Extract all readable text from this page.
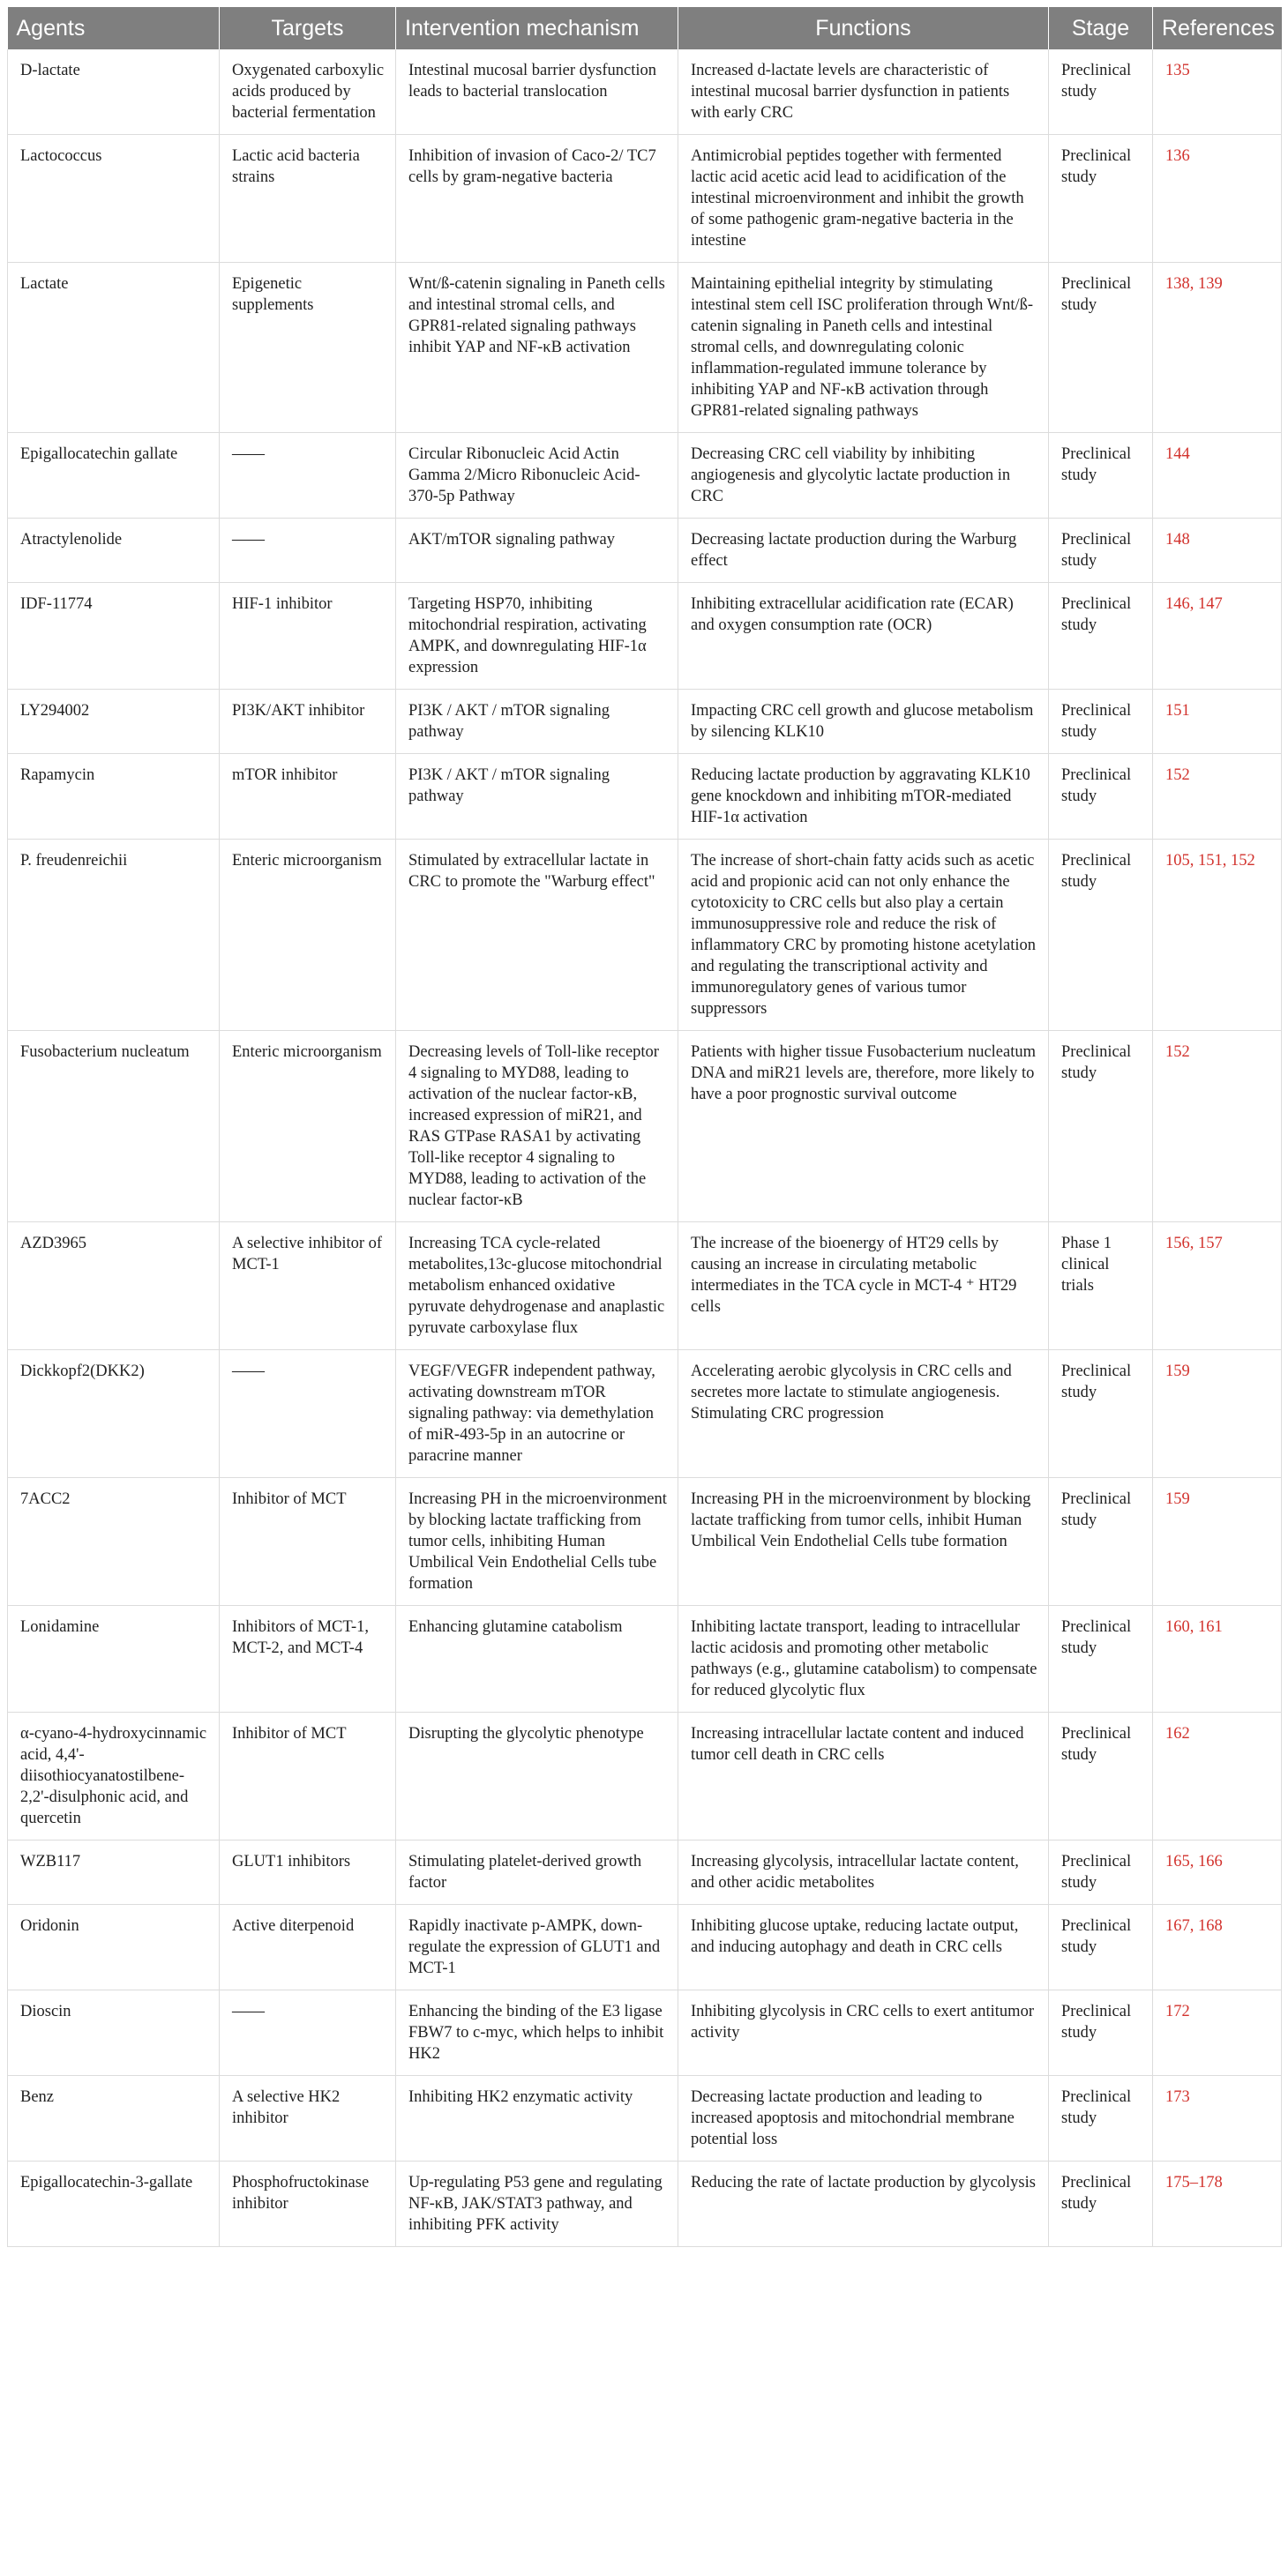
Agents	Targets	Intervention mechanism	Functions	Stage	References
D-lactate	Oxygenated carboxylic acids produced by bacterial fermentation	Intestinal mucosal barrier dysfunction leads to bacterial translocation	Increased d-lactate levels are characteristic of intestinal mucosal barrier dysfunction in patients with early CRC	Preclinical study	135
Lactococcus	Lactic acid bacteria strains	Inhibition of invasion of Caco-2/ TC7 cells by gram-negative bacteria	Antimicrobial peptides together with fermented lactic acid acetic acid lead to acidification of the intestinal microenvironment and inhibit the growth of some pathogenic gram-negative bacteria in the intestine	Preclinical study	136
Lactate	Epigenetic supplements	Wnt/ß-catenin signaling in Paneth cells and intestinal stromal cells, and GPR81-related signaling pathways inhibit YAP and NF-κB activation	Maintaining epithelial integrity by stimulating intestinal stem cell ISC proliferation through Wnt/ß-catenin signaling in Paneth cells and intestinal stromal cells, and downregulating colonic inflammation-regulated immune tolerance by inhibiting YAP and NF-κB activation through GPR81-related signaling pathways	Preclinical study	138, 139
Epigallocatechin gallate	——	Circular Ribonucleic Acid Actin Gamma 2/Micro Ribonucleic Acid-370-5p Pathway	Decreasing CRC cell viability by inhibiting angiogenesis and glycolytic lactate production in CRC	Preclinical study	144
Atractylenolide	——	AKT/mTOR signaling pathway	Decreasing lactate production during the Warburg effect	Preclinical study	148
IDF-11774	HIF-1 inhibitor	Targeting HSP70, inhibiting mitochondrial respiration, activating AMPK, and downregulating HIF-1α expression	Inhibiting extracellular acidification rate (ECAR) and oxygen consumption rate (OCR)	Preclinical study	146, 147
LY294002	PI3K/AKT inhibitor	PI3K / AKT / mTOR signaling pathway	Impacting CRC cell growth and glucose metabolism by silencing KLK10	Preclinical study	151
Rapamycin	mTOR inhibitor	PI3K / AKT / mTOR signaling pathway	Reducing lactate production by aggravating KLK10 gene knockdown and inhibiting mTOR-mediated HIF-1α activation	Preclinical study	152
P. freudenreichii	Enteric microorganism	Stimulated by extracellular lactate in CRC to promote the "Warburg effect"	The increase of short-chain fatty acids such as acetic acid and propionic acid can not only enhance the cytotoxicity to CRC cells but also play a certain immunosuppressive role and reduce the risk of inflammatory CRC by promoting histone acetylation and regulating the transcriptional activity and immunoregulatory genes of various tumor suppressors	Preclinical study	105, 151, 152
Fusobacterium nucleatum	Enteric microorganism	Decreasing levels of Toll-like receptor 4 signaling to MYD88, leading to activation of the nuclear factor-κB, increased expression of miR21, and RAS GTPase RASA1 by activating Toll-like receptor 4 signaling to MYD88, leading to activation of the nuclear factor-κB	Patients with higher tissue Fusobacterium nucleatum DNA and miR21 levels are, therefore, more likely to have a poor prognostic survival outcome	Preclinical study	152
AZD3965	A selective inhibitor of MCT-1	Increasing TCA cycle-related metabolites,13c-glucose mitochondrial metabolism enhanced oxidative pyruvate dehydrogenase and anaplastic pyruvate carboxylase flux	The increase of the bioenergy of HT29 cells by causing an increase in circulating metabolic intermediates in the TCA cycle in MCT-4 ⁺ HT29 cells	Phase 1 clinical trials	156, 157
Dickkopf2(DKK2)	——	VEGF/VEGFR independent pathway, activating downstream mTOR signaling pathway: via demethylation of miR-493-5p in an autocrine or paracrine manner	Accelerating aerobic glycolysis in CRC cells and secretes more lactate to stimulate angiogenesis. Stimulating CRC progression	Preclinical study	159
7ACC2	Inhibitor of MCT	Increasing PH in the microenvironment by blocking lactate trafficking from tumor cells, inhibiting Human Umbilical Vein Endothelial Cells tube formation	Increasing PH in the microenvironment by blocking lactate trafficking from tumor cells, inhibit Human Umbilical Vein Endothelial Cells tube formation	Preclinical study	159
Lonidamine	Inhibitors of MCT-1, MCT-2, and MCT-4	Enhancing glutamine catabolism	Inhibiting lactate transport, leading to intracellular lactic acidosis and promoting other metabolic pathways (e.g., glutamine catabolism) to compensate for reduced glycolytic flux	Preclinical study	160, 161
α-cyano-4-hydroxycinnamic acid, 4,4'-diisothiocyanatostilbene-2,2'-disulphonic acid, and quercetin	Inhibitor of MCT	Disrupting the glycolytic phenotype	Increasing intracellular lactate content and induced tumor cell death in CRC cells	Preclinical study	162
WZB117	GLUT1 inhibitors	Stimulating platelet-derived growth factor	Increasing glycolysis, intracellular lactate content, and other acidic metabolites	Preclinical study	165, 166
Oridonin	Active diterpenoid	Rapidly inactivate p-AMPK, down-regulate the expression of GLUT1 and MCT-1	Inhibiting glucose uptake, reducing lactate output, and inducing autophagy and death in CRC cells	Preclinical study	167, 168
Dioscin	——	Enhancing the binding of the E3 ligase FBW7 to c-myc, which helps to inhibit HK2	Inhibiting glycolysis in CRC cells to exert antitumor activity	Preclinical study	172
Benz	A selective HK2 inhibitor	Inhibiting HK2 enzymatic activity	Decreasing lactate production and leading to increased apoptosis and mitochondrial membrane potential loss	Preclinical study	173
Epigallocatechin-3-gallate	Phosphofructokinase inhibitor	Up-regulating P53 gene and regulating NF-κB, JAK/STAT3 pathway, and inhibiting PFK activity	Reducing the rate of lactate production by glycolysis	Preclinical study	175–178
